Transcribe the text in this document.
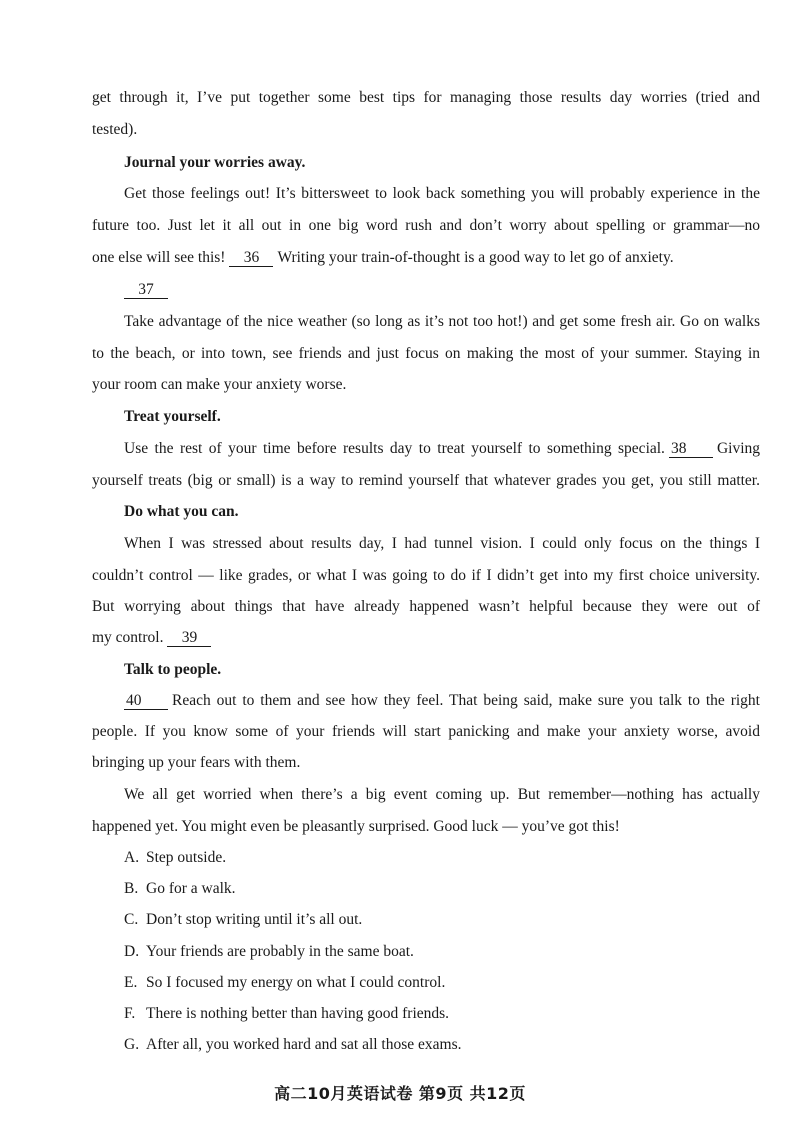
get through it, I’ve put together some best tips for managing those results day worries (tried and
tested).
Journal your worries away.
Get those feelings out! It’s bittersweet to look back something you will probably experience in the
future too. Just let it all out in one big word rush and don’t worry about spelling or grammar—no
one else will see this! 36 Writing your train-of-thought is a good way to let go of anxiety.
37
Take advantage of the nice weather (so long as it’s not too hot!) and get some fresh air. Go on walks
to the beach, or into town, see friends and just focus on making the most of your summer. Staying in
your room can make your anxiety worse.
Treat yourself.
Use the rest of your time before results day to treat yourself to something special. 38 Giving
yourself treats (big or small) is a way to remind yourself that whatever grades you get, you still matter.
Do what you can.
When I was stressed about results day, I had tunnel vision. I could only focus on the things I
couldn’t control — like grades, or what I was going to do if I didn’t get into my first choice university.
But worrying about things that have already happened wasn’t helpful because they were out of
my control. 39
Talk to people.
40 Reach out to them and see how they feel. That being said, make sure you talk to the right
people. If you know some of your friends will start panicking and make your anxiety worse, avoid
bringing up your fears with them.
We all get worried when there’s a big event coming up. But remember—nothing has actually
happened yet. You might even be pleasantly surprised. Good luck — you’ve got this!
A. Step outside.
B. Go for a walk.
C. Don’t stop writing until it’s all out.
D. Your friends are probably in the same boat.
E. So I focused my energy on what I could control.
F. There is nothing better than having good friends.
G. After all, you worked hard and sat all those exams.
高二10月英语试卷 第9页 共12页
